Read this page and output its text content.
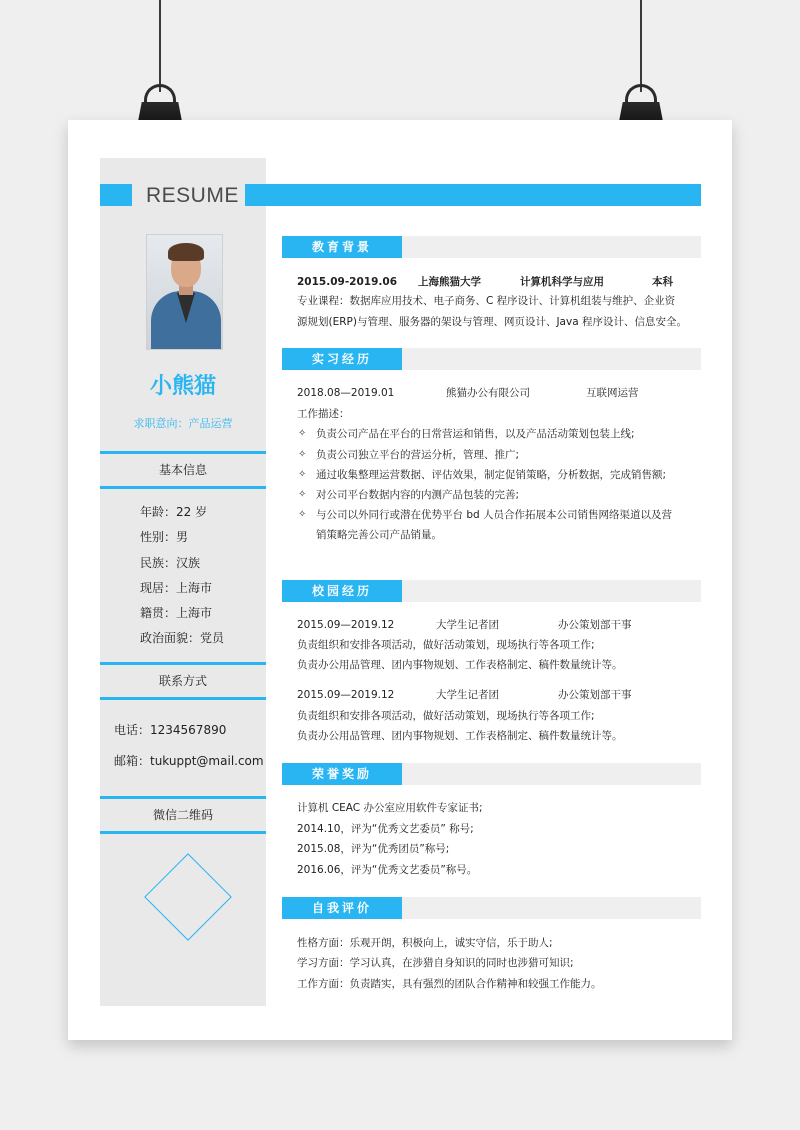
RESUME
小熊猫
求职意向：产品运营
基本信息
年龄：22 岁
性别：男
民族：汉族
现居：上海市
籍贯：上海市
政治面貌：党员
联系方式
电话：1234567890
邮箱：tukuppt@mail.com
微信二维码
教育背景
2015.09-2019.06 上海熊猫大学	计算机科学与应用	本科
专业课程：数据库应用技术、电子商务、C 程序设计、计算机组装与维护、企业资
源规划(ERP)与管理、服务器的架设与管理、网页设计、Java 程序设计、信息安全。
实习经历
2018.08—2019.01	熊猫办公有限公司	互联网运营
工作描述：
✧ 负责公司产品在平台的日常营运和销售，以及产品活动策划包装上线;
✧ 负责公司独立平台的营运分析，管理、推广;
✧ 通过收集整理运营数据、评估效果，制定促销策略，分析数据，完成销售额;
✧ 对公司平台数据内容的内测产品包装的完善;
✧ 与公司以外同行或潜在优势平台 bd 人员合作拓展本公司销售网络渠道以及营
销策略完善公司产品销量。
校园经历
2015.09—2019.12	大学生记者团	办公策划部干事
负责组织和安排各项活动，做好活动策划，现场执行等各项工作;
负责办公用品管理、团内事物规划、工作表格制定、稿件数量统计等。
2015.09—2019.12	大学生记者团	办公策划部干事
负责组织和安排各项活动，做好活动策划，现场执行等各项工作;
负责办公用品管理、团内事物规划、工作表格制定、稿件数量统计等。
荣誉奖励
计算机 CEAC 办公室应用软件专家证书;
2014.10，评为“优秀文艺委员” 称号;
2015.08，评为“优秀团员”称号;
2016.06，评为“优秀文艺委员”称号。
自我评价
性格方面：乐观开朗，积极向上，诚实守信，乐于助人;
学习方面：学习认真，在涉猎自身知识的同时也涉猎可知识;
工作方面：负责踏实，具有强烈的团队合作精神和较强工作能力。
